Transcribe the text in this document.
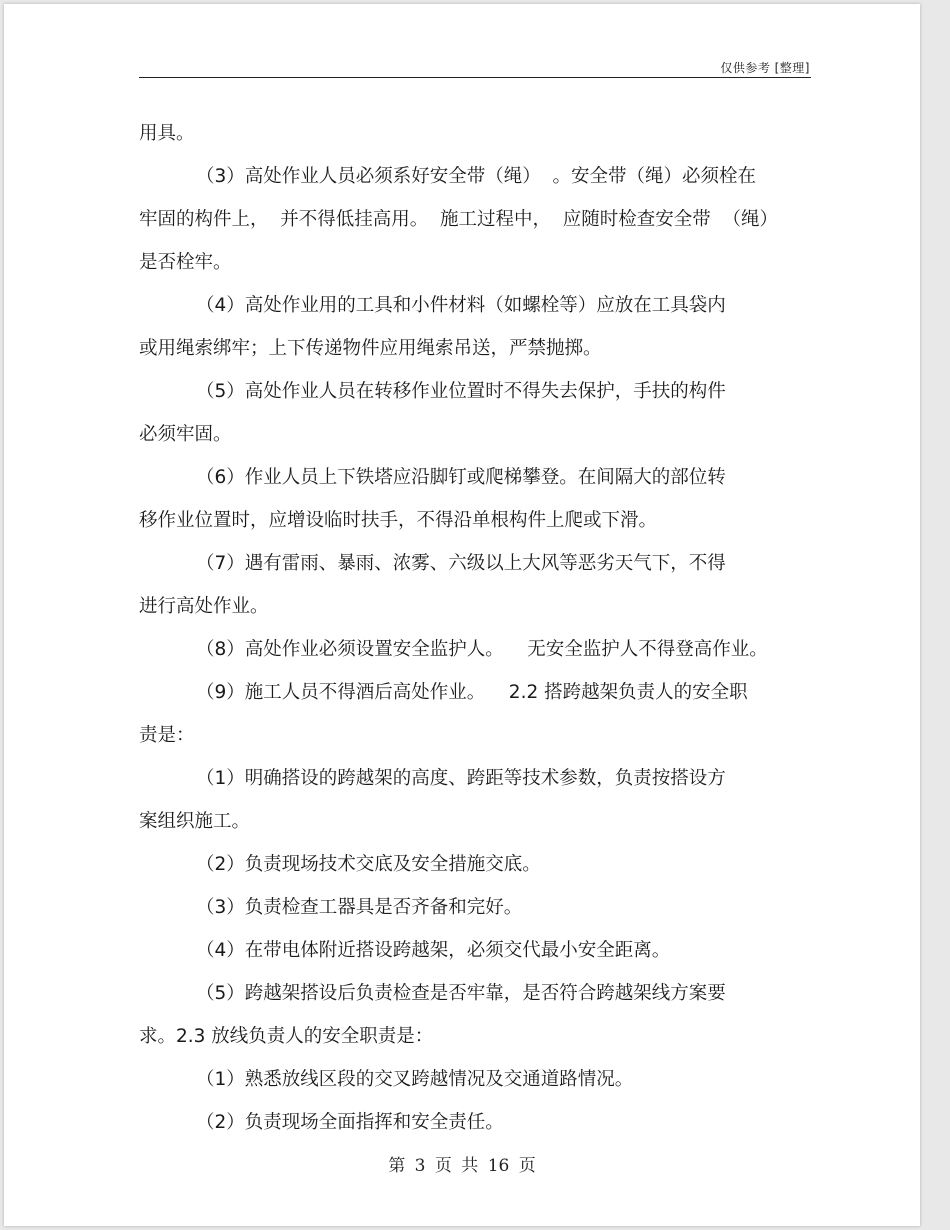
仅供参考 [整理]
用具。
（3）高处作业人员必须系好安全带（绳）  。安全带（绳）必须栓在
牢固的构件上，  并不得低挂高用。  施工过程中，  应随时检查安全带  （绳）
是否栓牢。
（4）高处作业用的工具和小件材料（如螺栓等）应放在工具袋内
或用绳索绑牢；上下传递物件应用绳索吊送，严禁抛掷。
（5）高处作业人员在转移作业位置时不得失去保护，手扶的构件
必须牢固。
（6）作业人员上下铁塔应沿脚钉或爬梯攀登。在间隔大的部位转
移作业位置时，应增设临时扶手，不得沿单根构件上爬或下滑。
（7）遇有雷雨、暴雨、浓雾、六级以上大风等恶劣天气下，不得
进行高处作业。
（8）高处作业必须设置安全监护人。    无安全监护人不得登高作业。
（9）施工人员不得酒后高处作业。    2.2 搭跨越架负责人的安全职
责是：
（1）明确搭设的跨越架的高度、跨距等技术参数，负责按搭设方
案组织施工。
（2）负责现场技术交底及安全措施交底。
（3）负责检查工器具是否齐备和完好。
（4）在带电体附近搭设跨越架，必须交代最小安全距离。
（5）跨越架搭设后负责检查是否牢靠，是否符合跨越架线方案要
求。2.3 放线负责人的安全职责是：
（1）熟悉放线区段的交叉跨越情况及交通道路情况。
（2）负责现场全面指挥和安全责任。
第 3 页 共 16 页
